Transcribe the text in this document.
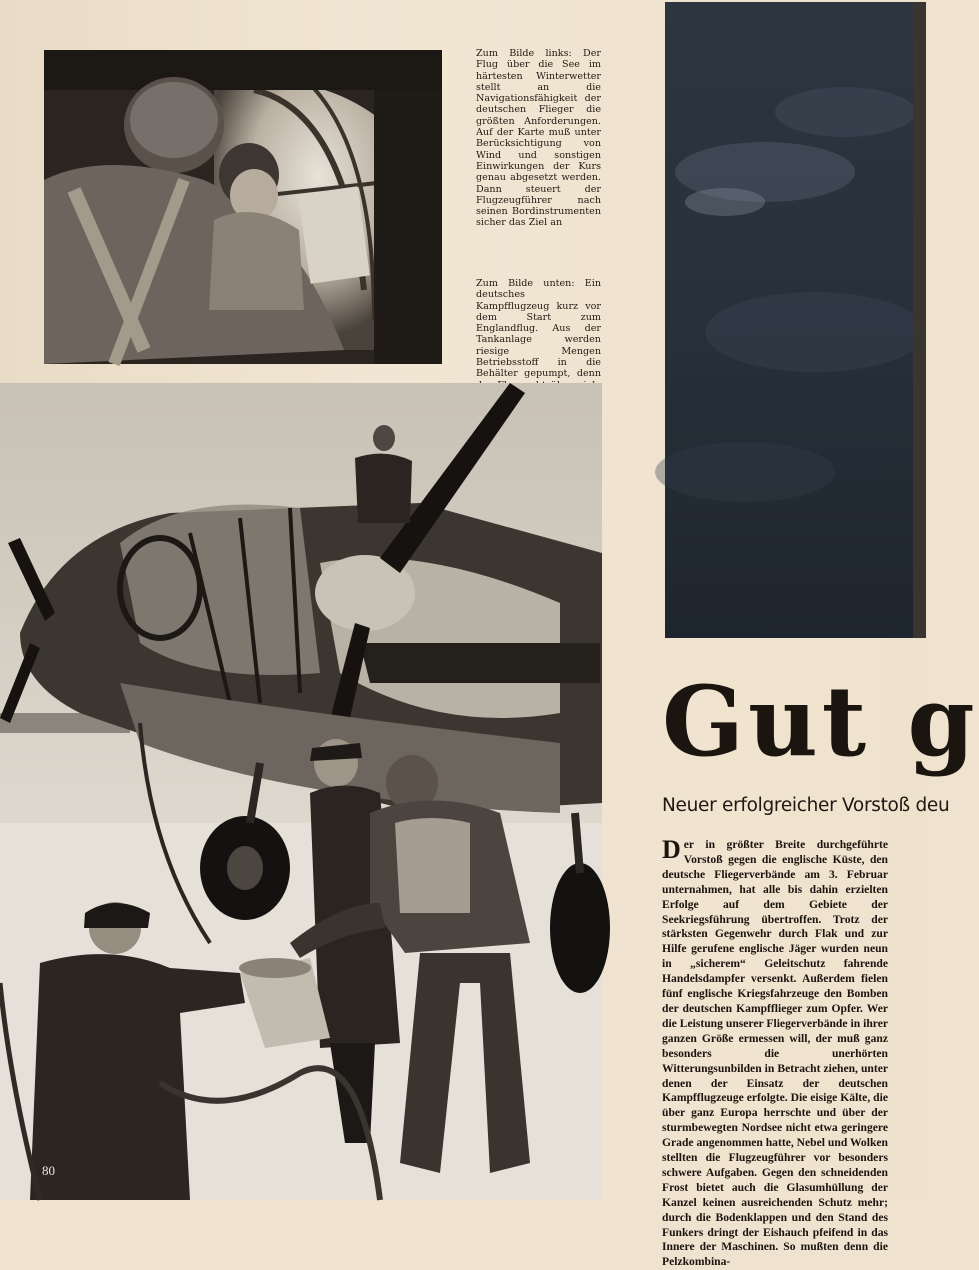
Zum Bilde links: Der Flug über die See im härtesten Winterwetter stellt an die Navigationsfähigkeit der deutschen Flieger die größten Anforderungen. Auf der Karte muß unter Berücksichtigung von Wind und sonstigen Einwirkungen der Kurs genau abgesetzt werden. Dann steuert der Flugzeugführer nach seinen Bordinstrumenten sicher das Ziel an
Zum Bilde unten: Ein deutsches Kampfflugzeug kurz vor dem Start zum Englandflug. Aus der Tankanlage werden riesige Mengen Betriebsstoff in die Behälter gepumpt, denn
Gut g
Neuer erfolgreicher Vorstoß deu
Der in größter Breite durchgeführte Vorstoß gegen die englische Küste, den deutsche Fliegerverbände am 3. Februar unternahmen, hat alle bis dahin erzielten Erfolge auf dem Gebiete der Seekriegsführung übertroffen. Trotz der stärksten Gegenwehr durch Flak und zur Hilfe gerufene englische Jäger wurden neun in „sicherem“ Geleitschutz fahrende Handelsdampfer versenkt. Außerdem fielen fünf englische Kriegsfahrzeuge den Bomben der deutschen Kampfflieger zum Opfer. Wer die Leistung unserer Fliegerverbände in ihrer ganzen Größe ermessen will, der muß ganz besonders die unerhörten Witterungsunbilden in Betracht ziehen, unter denen der Einsatz der deutschen Kampfflugzeuge erfolgte. Die eisige Kälte, die über ganz Europa herrschte und über der sturmbewegten Nordsee nicht etwa geringere Grade angenommen hatte, Nebel und Wolken stellten die Flugzeugführer vor besonders schwere Aufgaben. Gegen den schneidenden Frost bietet auch die Glasumhüllung der Kanzel keinen ausreichenden Schutz mehr; durch die Bodenklappen und den Stand des Funkers dringt der Eishauch pfeifend in das Innere der Maschinen. So mußten denn die Pelzkombina-
80
